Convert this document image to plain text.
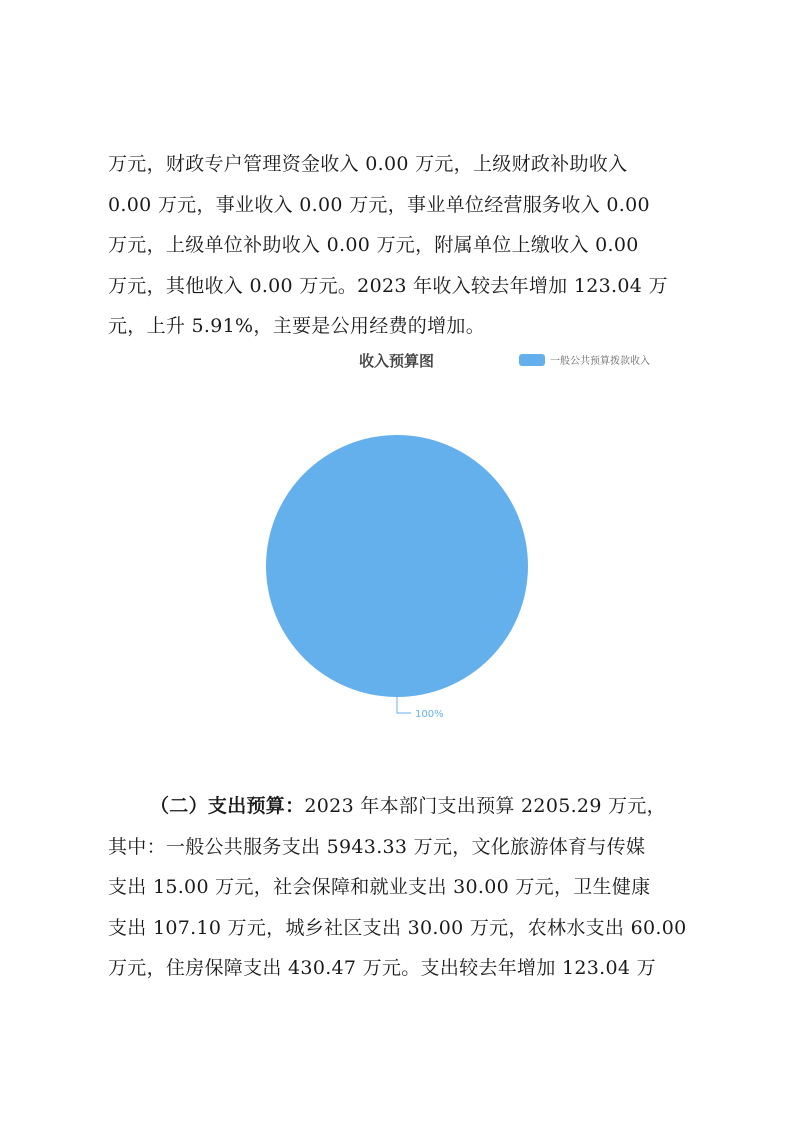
万元，财政专户管理资金收入 0.00 万元，上级财政补助收入
0.00 万元，事业收入 0.00 万元，事业单位经营服务收入 0.00
万元，上级单位补助收入 0.00 万元，附属单位上缴收入 0.00
万元，其他收入 0.00 万元。2023 年收入较去年增加 123.04 万
元，上升 5.91%，主要是公用经费的增加。
收入预算图	一般公共预算拨款收入
100%
（二）支出预算：2023 年本部门支出预算 2205.29 万元，
其中：一般公共服务支出 5943.33 万元，文化旅游体育与传媒
支出 15.00 万元，社会保障和就业支出 30.00 万元，卫生健康
支出 107.10 万元，城乡社区支出 30.00 万元，农林水支出 60.00
万元，住房保障支出 430.47 万元。支出较去年增加 123.04 万
